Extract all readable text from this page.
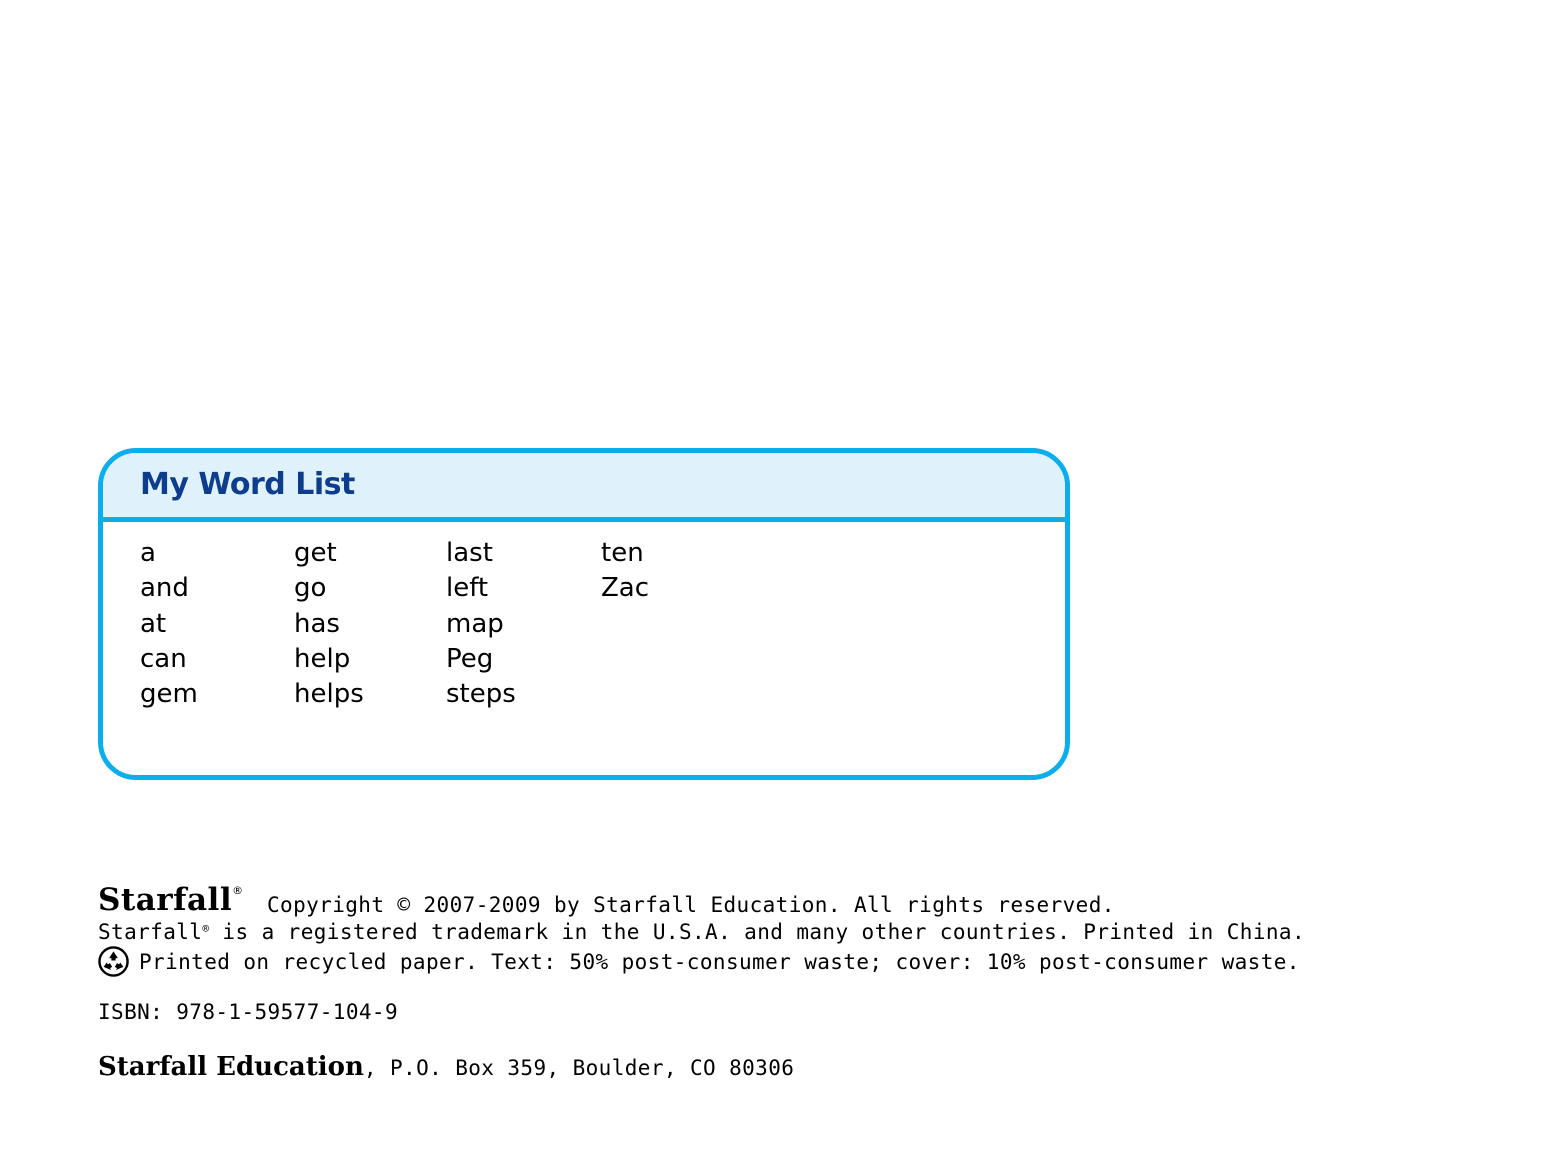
My Word List
a
and
at
can
gem
get
go
has
help
helps
last
left
map
Peg
steps
ten
Zac
Starfall®
Copyright © 2007-2009 by Starfall Education. All rights reserved.
Starfall® is a registered trademark in the U.S.A. and many other countries. Printed in China.
Printed on recycled paper. Text: 50% post-consumer waste; cover: 10% post-consumer waste.
ISBN: 978-1-59577-104-9
Starfall Education, P.O. Box 359, Boulder, CO 80306
